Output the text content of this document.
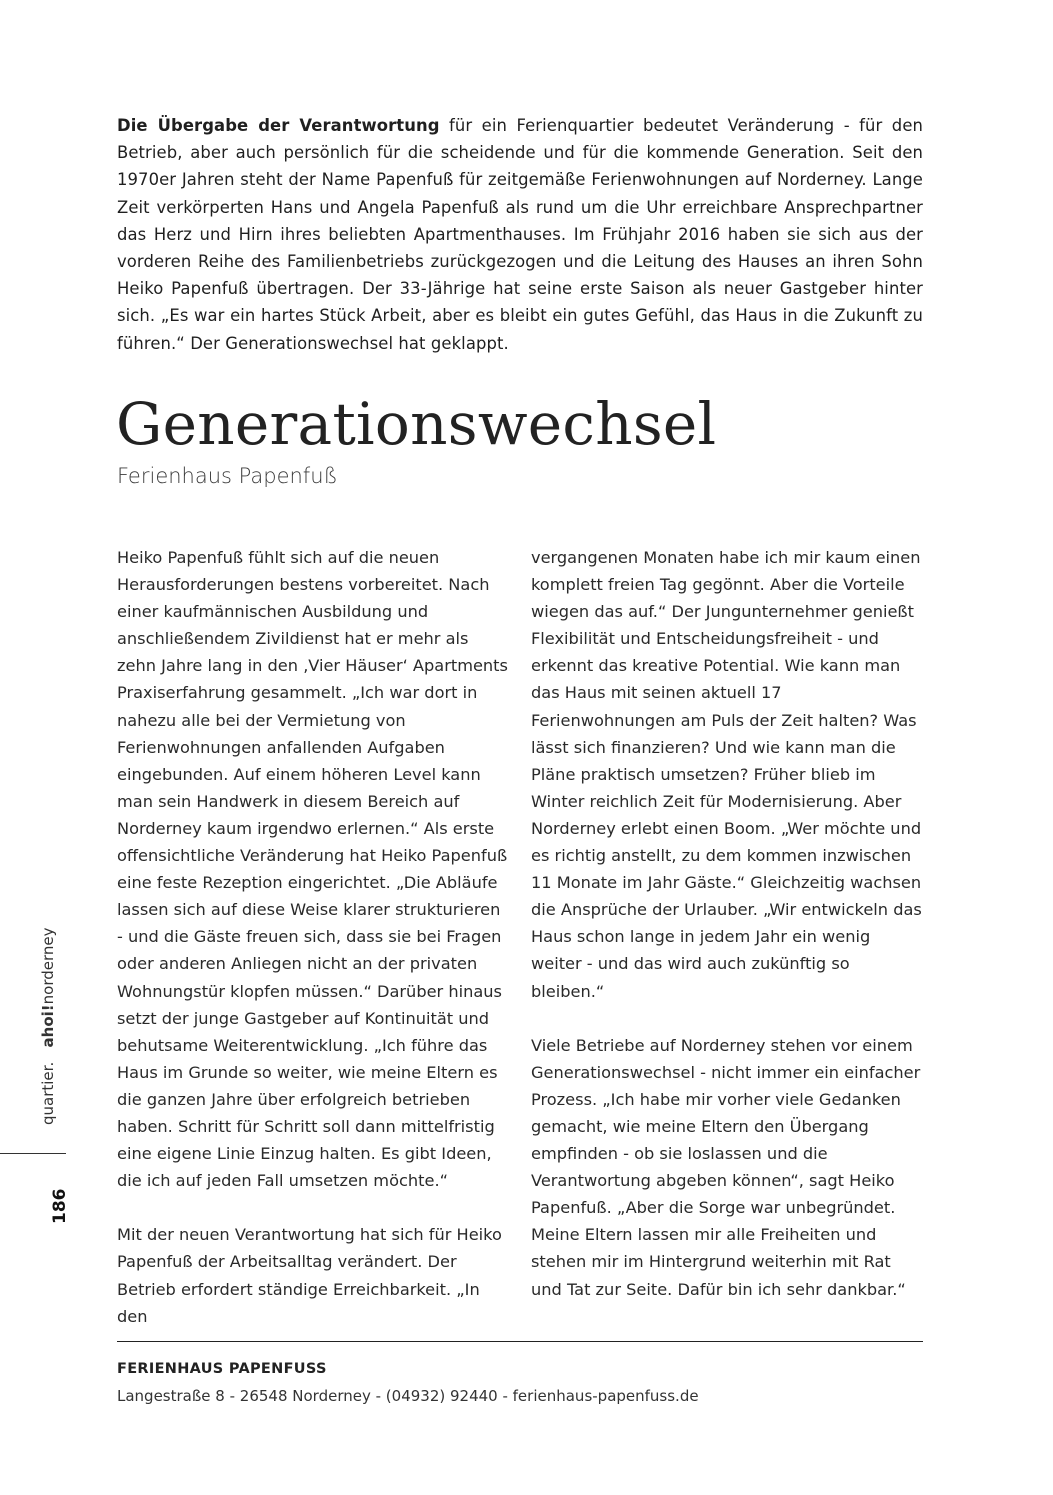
Die Übergabe der Verantwortung für ein Ferienquartier bedeutet Veränderung - für den Betrieb, aber auch persönlich für die scheidende und für die kommende Generation. Seit den 1970er Jahren steht der Name Papenfuß für zeitgemäße Ferienwohnungen auf Norderney. Lange Zeit verkörperten Hans und Angela Papenfuß als rund um die Uhr erreichbare Ansprechpartner das Herz und Hirn ihres beliebten Apartmenthauses. Im Frühjahr 2016 haben sie sich aus der vorderen Reihe des Familienbetriebs zurückgezogen und die Leitung des Hauses an ihren Sohn Heiko Papenfuß übertragen. Der 33-Jährige hat seine erste Saison als neuer Gastgeber hinter sich. „Es war ein hartes Stück Arbeit, aber es bleibt ein gutes Gefühl, das Haus in die Zukunft zu führen.“ Der Generationswechsel hat geklappt.

Generationswechsel
Ferienhaus Papenfuß

Heiko Papenfuß fühlt sich auf die neuen Herausforderungen bestens vorbereitet. Nach einer kaufmännischen Ausbildung und anschließendem Zivildienst hat er mehr als zehn Jahre lang in den ‚Vier Häuser‘ Apartments Praxiserfahrung gesammelt. „Ich war dort in nahezu alle bei der Vermietung von Ferienwohnungen anfallenden Aufgaben eingebunden. Auf einem höheren Level kann man sein Handwerk in diesem Bereich auf Norderney kaum irgendwo erlernen.“ Als erste offensichtliche Veränderung hat Heiko Papenfuß eine feste Rezeption eingerichtet. „Die Abläufe lassen sich auf diese Weise klarer strukturieren - und die Gäste freuen sich, dass sie bei Fragen oder anderen Anliegen nicht an der privaten Wohnungstür klopfen müssen.“ Darüber hinaus setzt der junge Gastgeber auf Kontinuität und behutsame Weiterentwicklung. „Ich führe das Haus im Grunde so weiter, wie meine Eltern es die ganzen Jahre über erfolgreich betrieben haben. Schritt für Schritt soll dann mittelfristig eine eigene Linie Einzug halten. Es gibt Ideen, die ich auf jeden Fall umsetzen möchte.“

Mit der neuen Verantwortung hat sich für Heiko Papenfuß der Arbeitsalltag verändert. Der Betrieb erfordert ständige Erreichbarkeit. „In den

vergangenen Monaten habe ich mir kaum einen komplett freien Tag gegönnt. Aber die Vorteile wiegen das auf.“ Der Jungunternehmer genießt Flexibilität und Entscheidungsfreiheit - und erkennt das kreative Potential. Wie kann man das Haus mit seinen aktuell 17 Ferienwohnungen am Puls der Zeit halten? Was lässt sich finanzieren? Und wie kann man die Pläne praktisch umsetzen? Früher blieb im Winter reichlich Zeit für Modernisierung. Aber Norderney erlebt einen Boom. „Wer möchte und es richtig anstellt, zu dem kommen inzwischen 11 Monate im Jahr Gäste.“ Gleichzeitig wachsen die Ansprüche der Urlauber. „Wir entwickeln das Haus schon lange in jedem Jahr ein wenig weiter - und das wird auch zukünftig so bleiben.“

Viele Betriebe auf Norderney stehen vor einem Generationswechsel - nicht immer ein einfacher Prozess. „Ich habe mir vorher viele Gedanken gemacht, wie meine Eltern den Übergang empfinden - ob sie loslassen und die Verantwortung abgeben können“, sagt Heiko Papenfuß. „Aber die Sorge war unbegründet. Meine Eltern lassen mir alle Freiheiten und stehen mir im Hintergrund weiterhin mit Rat und Tat zur Seite. Dafür bin ich sehr dankbar.“

quartier.   ahoi!norderney
186

FERIENHAUS PAPENFUSS

Langestraße 8 - 26548 Norderney - (04932) 92440 - ferienhaus-papenfuss.de
